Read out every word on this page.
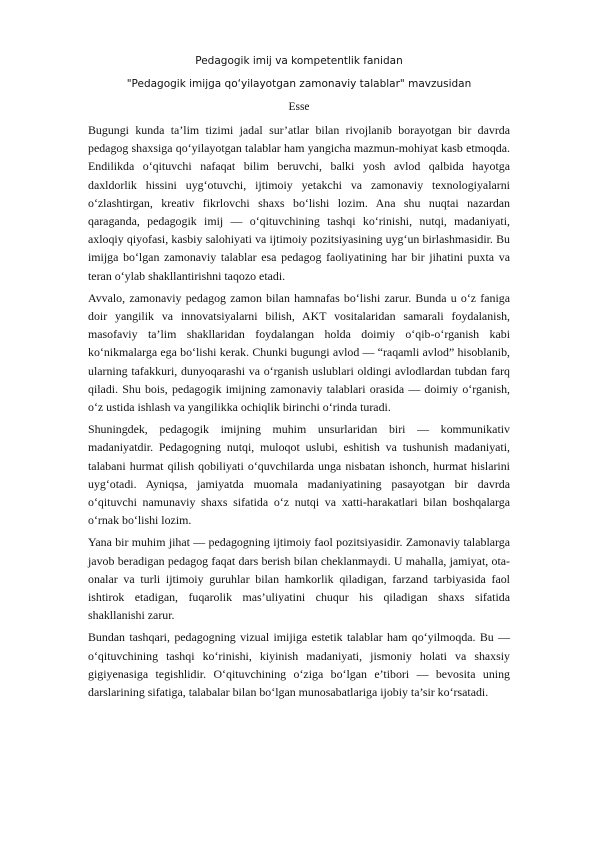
Pedagogik imij va kompetentlik fanidan
"Pedagogik imijga qo‘yilayotgan zamonaviy talablar" mavzusidan
Esse

Bugungi kunda ta’lim tizimi jadal sur’atlar bilan rivojlanib borayotgan bir davrda pedagog shaxsiga qo‘yilayotgan talablar ham yangicha mazmun-mohiyat kasb etmoqda. Endilikda o‘qituvchi nafaqat bilim beruvchi, balki yosh avlod qalbida hayotga daxldorlik hissini uyg‘otuvchi, ijtimoiy yetakchi va zamonaviy texnologiyalarni o‘zlashtirgan, kreativ fikrlovchi shaxs bo‘lishi lozim. Ana shu nuqtai nazardan qaraganda, pedagogik imij — o‘qituvchining tashqi ko‘rinishi, nutqi, madaniyati, axloqiy qiyofasi, kasbiy salohiyati va ijtimoiy pozitsiyasining uyg‘un birlashmasidir. Bu imijga bo‘lgan zamonaviy talablar esa pedagog faoliyatining har bir jihatini puxta va teran o‘ylab shakllantirishni taqozo etadi.

Avvalo, zamonaviy pedagog zamon bilan hamnafas bo‘lishi zarur. Bunda u o‘z faniga doir yangilik va innovatsiyalarni bilish, AKT vositalaridan samarali foydalanish, masofaviy ta’lim shakllaridan foydalangan holda doimiy o‘qib-o‘rganish kabi ko‘nikmalarga ega bo‘lishi kerak. Chunki bugungi avlod — “raqamli avlod” hisoblanib, ularning tafakkuri, dunyoqarashi va o‘rganish uslublari oldingi avlodlardan tubdan farq qiladi. Shu bois, pedagogik imijning zamonaviy talablari orasida — doimiy o‘rganish, o‘z ustida ishlash va yangilikka ochiqlik birinchi o‘rinda turadi.

Shuningdek, pedagogik imijning muhim unsurlaridan biri — kommunikativ madaniyatdir. Pedagogning nutqi, muloqot uslubi, eshitish va tushunish madaniyati, talabani hurmat qilish qobiliyati o‘quvchilarda unga nisbatan ishonch, hurmat hislarini uyg‘otadi. Ayniqsa, jamiyatda muomala madaniyatining pasayotgan bir davrda o‘qituvchi namunaviy shaxs sifatida o‘z nutqi va xatti-harakatlari bilan boshqalarga o‘rnak bo‘lishi lozim.

Yana bir muhim jihat — pedagogning ijtimoiy faol pozitsiyasidir. Zamonaviy talablarga javob beradigan pedagog faqat dars berish bilan cheklanmaydi. U mahalla, jamiyat, ota-onalar va turli ijtimoiy guruhlar bilan hamkorlik qiladigan, farzand tarbiyasida faol ishtirok etadigan, fuqarolik mas’uliyatini chuqur his qiladigan shaxs sifatida shakllanishi zarur.

Bundan tashqari, pedagogning vizual imijiga estetik talablar ham qo‘yilmoqda. Bu — o‘qituvchining tashqi ko‘rinishi, kiyinish madaniyati, jismoniy holati va shaxsiy gigiyenasiga tegishlidir. O‘qituvchining o‘ziga bo‘lgan e’tibori — bevosita uning darslarining sifatiga, talabalar bilan bo‘lgan munosabatlariga ijobiy ta’sir ko‘rsatadi.
